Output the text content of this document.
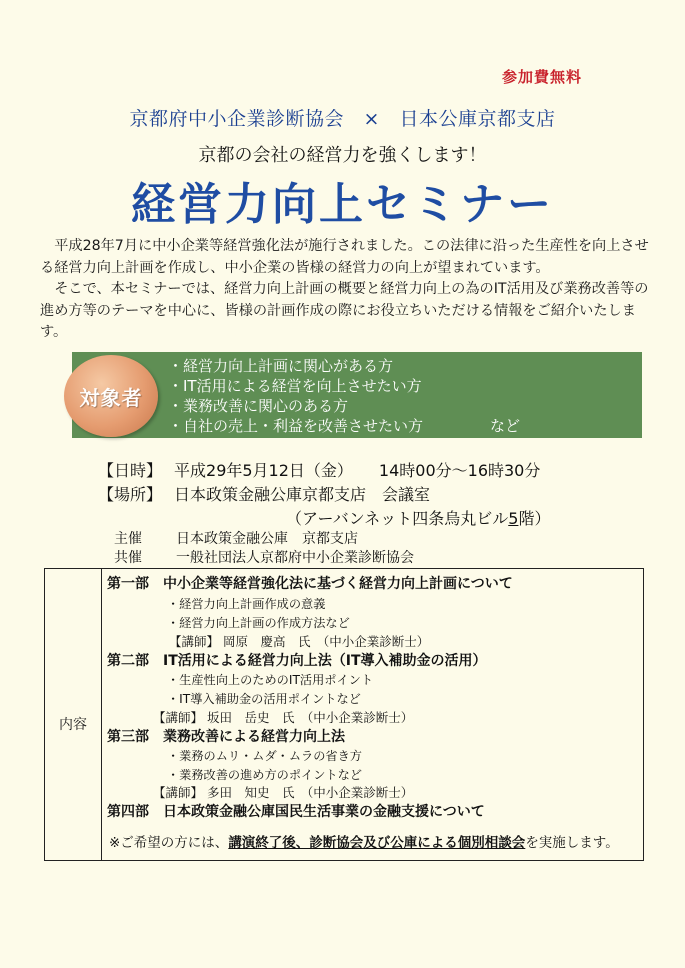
参加費無料
京都府中小企業診断協会　×　日本公庫京都支店
京都の会社の経営力を強くします！
経営力向上セミナー

平成28年7月に中小企業等経営強化法が施行されました。この法律に沿った生産性を向上させる経営力向上計画を作成し、中小企業の皆様の経営力の向上が望まれています。

そこで、本セミナーでは、経営力向上計画の概要と経営力向上の為のIT活用及び業務改善等の進め方等のテーマを中心に、皆様の計画作成の際にお役立ちいただける情報をご紹介いたします。

対象者
・経営力向上計画に関心がある方
・IT活用による経営を向上させたい方
・業務改善に関心のある方
・自社の売上・利益を改善させたい方	など
【日時】 平成29年5月12日（金） 14時00分～16時30分
【場所】 日本政策金融公庫京都支店　会議室
（アーバンネット四条烏丸ビル5階）
主催 日本政策金融公庫　京都支店
共催 一般社団法人京都府中小企業診断協会
内容
第一部　中小企業等経営強化法に基づく経営力向上計画について
・経営力向上計画作成の意義
・経営力向上計画の作成方法など
【講師】 岡原　慶高　氏　（中小企業診断士）
第二部　IT活用による経営力向上法（IT導入補助金の活用）
・生産性向上のためのIT活用ポイント
・IT導入補助金の活用ポイントなど
【講師】 坂田　岳史　氏　（中小企業診断士）
第三部　業務改善による経営力向上法
・業務のムリ・ムダ・ムラの省き方
・業務改善の進め方のポイントなど
【講師】 多田　知史　氏　（中小企業診断士）
第四部　日本政策金融公庫国民生活事業の金融支援について
※ご希望の方には、講演終了後、診断協会及び公庫による個別相談会を実施します。
